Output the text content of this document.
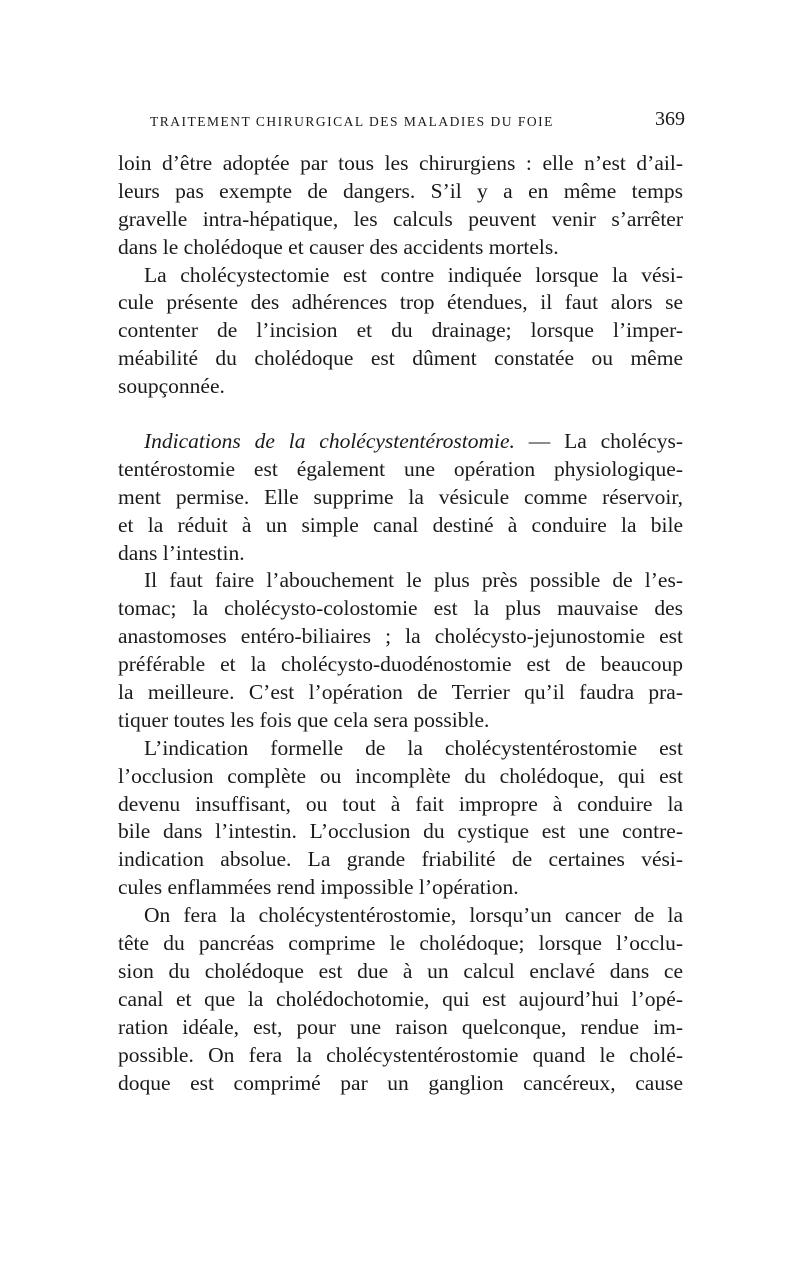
TRAITEMENT CHIRURGICAL DES MALADIES DU FOIE	369
loin d’être adoptée par tous les chirurgiens : elle n’est d’ail-
leurs pas exempte de dangers. S’il y a en même temps
gravelle intra-hépatique, les calculs peuvent venir s’arrêter
dans le cholédoque et causer des accidents mortels.
La cholécystectomie est contre indiquée lorsque la vési-
cule présente des adhérences trop étendues, il faut alors se
contenter de l’incision et du drainage; lorsque l’imper-
méabilité du cholédoque est dûment constatée ou même
soupçonnée.
Indications de la cholécystentérostomie. — La cholécys-
tentérostomie est également une opération physiologique-
ment permise. Elle supprime la vésicule comme réservoir,
et la réduit à un simple canal destiné à conduire la bile
dans l’intestin.
Il faut faire l’abouchement le plus près possible de l’es-
tomac; la cholécysto-colostomie est la plus mauvaise des
anastomoses entéro-biliaires ; la cholécysto-jejunostomie est
préférable et la cholécysto-duodénostomie est de beaucoup
la meilleure. C’est l’opération de Terrier qu’il faudra pra-
tiquer toutes les fois que cela sera possible.
L’indication formelle de la cholécystentérostomie est
l’occlusion complète ou incomplète du cholédoque, qui est
devenu insuffisant, ou tout à fait impropre à conduire la
bile dans l’intestin. L’occlusion du cystique est une contre-
indication absolue. La grande friabilité de certaines vési-
cules enflammées rend impossible l’opération.
On fera la cholécystentérostomie, lorsqu’un cancer de la
tête du pancréas comprime le cholédoque; lorsque l’occlu-
sion du cholédoque est due à un calcul enclavé dans ce
canal et que la cholédochotomie, qui est aujourd’hui l’opé-
ration idéale, est, pour une raison quelconque, rendue im-
possible. On fera la cholécystentérostomie quand le cholé-
doque est comprimé par un ganglion cancéreux, cause
